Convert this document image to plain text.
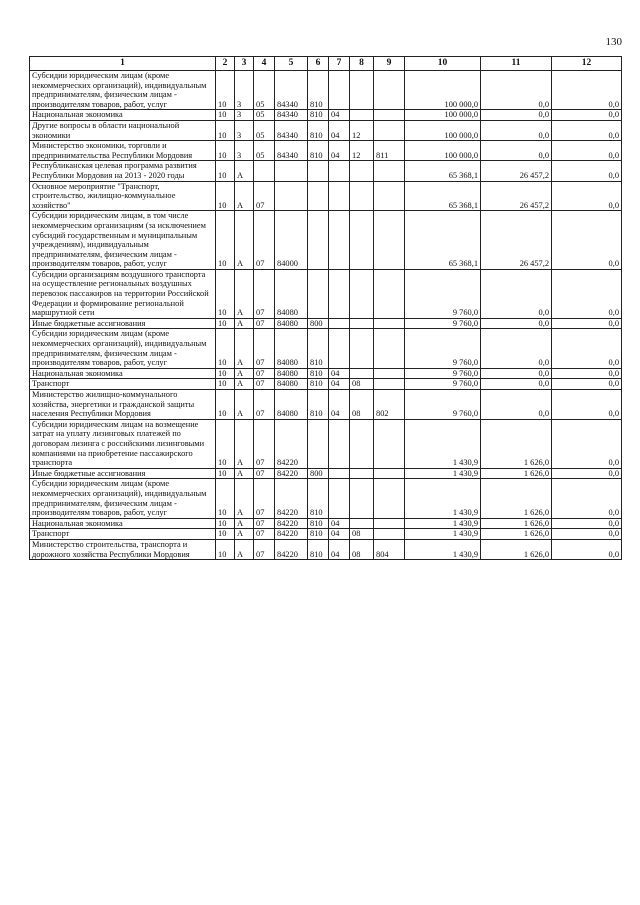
130
1	2	3	4	5	6	7	8	9	10	11	12

Субсидии юридическим лицам (кроме некоммерческих организаций), индивидуальным предпринимателям, физическим лицам - производителям товаров, работ, услуг	10	3	05	84340	810				100 000,0	0,0	0,0

Национальная экономика	10	3	05	84340	810	04			100 000,0	0,0	0,0

Другие вопросы в области национальной экономики	10	3	05	84340	810	04	12		100 000,0	0,0	0,0

Министерство экономики, торговли и предпринимательства Республики Мордовия	10	3	05	84340	810	04	12	811	100 000,0	0,0	0,0

Республиканская целевая программа развития Республики Мордовия на 2013 - 2020 годы	10	А							65 368,1	26 457,2	0,0

Основное мероприятие "Транспорт, строительство, жилищно-коммунальное хозяйство"	10	А	07						65 368,1	26 457,2	0,0

Субсидии юридическим лицам, в том числе некоммерческим организациям (за исключением субсидий государственным и муниципальным учреждениям), индивидуальным предпринимателям, физическим лицам - производителям товаров, работ, услуг	10	А	07	84000					65 368,1	26 457,2	0,0

Субсидии организациям воздушного транспорта на осуществление региональных воздушных перевозок пассажиров на территории Российской Федерации и формирование региональной маршрутной сети	10	А	07	84080					9 760,0	0,0	0,0

Иные бюджетные ассигнования	10	А	07	84080	800				9 760,0	0,0	0,0

Субсидии юридическим лицам (кроме некоммерческих организаций), индивидуальным предпринимателям, физическим лицам - производителям товаров, работ, услуг	10	А	07	84080	810				9 760,0	0,0	0,0

Национальная экономика	10	А	07	84080	810	04			9 760,0	0,0	0,0

Транспорт	10	А	07	84080	810	04	08		9 760,0	0,0	0,0

Министерство жилищно-коммунального хозяйства, энергетики и гражданской защиты населения Республики Мордовия	10	А	07	84080	810	04	08	802	9 760,0	0,0	0,0

Субсидии юридическим лицам на возмещение затрат на уплату лизинговых платежей по договорам лизинга с российскими лизинговыми компаниями на приобретение пассажирского транспорта	10	А	07	84220					1 430,9	1 626,0	0,0

Иные бюджетные ассигнования	10	А	07	84220	800				1 430,9	1 626,0	0,0

Субсидии юридическим лицам (кроме некоммерческих организаций), индивидуальным предпринимателям, физическим лицам - производителям товаров, работ, услуг	10	А	07	84220	810				1 430,9	1 626,0	0,0

Национальная экономика	10	А	07	84220	810	04			1 430,9	1 626,0	0,0

Транспорт	10	А	07	84220	810	04	08		1 430,9	1 626,0	0,0

Министерство строительства, транспорта и дорожного хозяйства Республики Мордовия	10	А	07	84220	810	04	08	804	1 430,9	1 626,0	0,0
